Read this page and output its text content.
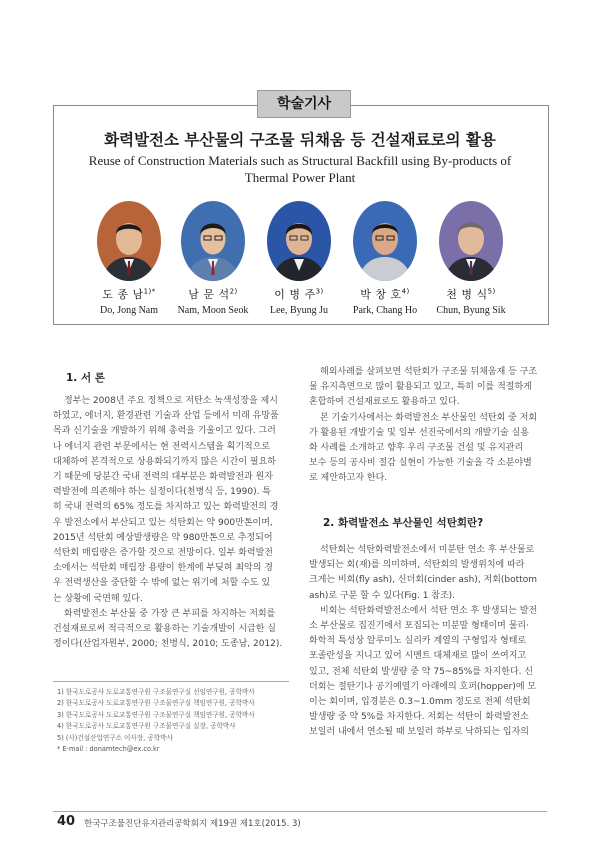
학술기사
화력발전소 부산물의 구조물 뒤채움 등 건설재료로의 활용
Reuse of Construction Materials such as Structural Backfill using By-products of
Thermal Power Plant
도 종 남$^{1)*}$
Do, Jong Nam
남 문 석$^{2)}$
Nam, Moon Seok
이 병 주$^{3)}$
Lee, Byung Ju
박 창 호$^{4)}$
Park, Chang Ho
천 병 식$^{5)}$
Chun, Byung Sik
1. 서 론

정부는 2008년 주요 정책으로 저탄소 녹색성장을 제시
하였고, 에너지, 환경관련 기술과 산업 등에서 미래 유망품
목과 신기술을 개발하기 위해 총력을 기울이고 있다. 그러
나 에너지 관련 부문에서는 현 전력시스템을 획기적으로
대체하여 본격적으로 상용화되기까지 많은 시간이 필요하
기 때문에 당분간 국내 전력의 대부분은 화력발전과 원자
력발전에 의존해야 하는 실정이다(천병식 등, 1990). 특
히 국내 전력의 65% 정도를 차지하고 있는 화력발전의 경
우 발전소에서 부산되고 있는 석탄회는 약 900만톤이며,
2015년 석탄회 예상발생량은 약 980만톤으로 추정되어
석탄회 매립량은 증가할 것으로 전망이다. 일부 화력발전
소에서는 석탄회 매립장 용량이 한계에 부딪혀 최악의 경
우 전력생산을 중단할 수 밖에 없는 위기에 처할 수도 있
는 상황에 국면해 있다.

화력발전소 부산물 중 가장 큰 부피를 차지하는 저회를
건설재료로써 적극적으로 활용하는 기술개발이 시급한 실
정이다(산업자원부, 2000; 천병식, 2010; 도종남, 2012).

1) 한국도로공사 도로교통연구원 구조물연구실 선임연구원, 공학박사
2) 한국도로공사 도로교통연구원 구조물연구실 책임연구원, 공학박사
3) 한국도로공사 도로교통연구원 구조물연구실 책임연구원, 공학박사
4) 한국도로공사 도로교통연구원 구조물연구실 실장, 공학박사
5) (사)건설산업연구소 이사장, 공학박사
* E-mail : donamtech@ex.co.kr

해외사례를 살펴보면 석탄회가 구조물 뒤채움재 등 구조
물 유지측면으로 많이 활용되고 있고, 특히 이를 적절하게
혼합하여 건설재료로도 활용하고 있다.

본 기술기사에서는 화력발전소 부산물인 석탄회 중 저회
가 활용된 개발기술 및 일부 선진국에서의 개발기술 실용
화 사례를 소개하고 향후 우리 구조물 건설 및 유지관리
보수 등의 공사비 절감 실현이 가능한 기술을 각 소분야별
로 제안하고자 한다.

2. 화력발전소 부산물인 석탄회란?

석탄회는 석탄화력발전소에서 미분탄 연소 후 부산물로
발생되는 회(재)를 의미하며, 석탄회의 발생위치에 따라
크게는 비회(fly ash), 신더회(cinder ash), 저회(bottom
ash)로 구분 할 수 있다(Fig. 1 참조).

비회는 석탄화력발전소에서 석탄 연소 후 발생되는 발전
소 부산물로 집진기에서 포집되는 미분말 형태이며 물리·
화학적 특성상 알루미노 실리카 계열의 구형입자 형태로
포졸란성을 지니고 있어 시멘트 대체재로 많이 쓰여지고
있고, 전체 석탄회 발생량 중 약 75~85%를 차지한다. 신
더회는 절탄기나 공기예열기 아래에의 호퍼(hopper)에 모
이는 회이며, 입경분은 0.3~1.0mm 정도로 전체 석탄회
발생량 중 약 5%를 차지한다. 저회는 석탄이 화력발전소
보일러 내에서 연소될 때 보일러 하부로 낙하되는 입자의

40 한국구조물진단유지관리공학회지 제19권 제1호(2015. 3)
